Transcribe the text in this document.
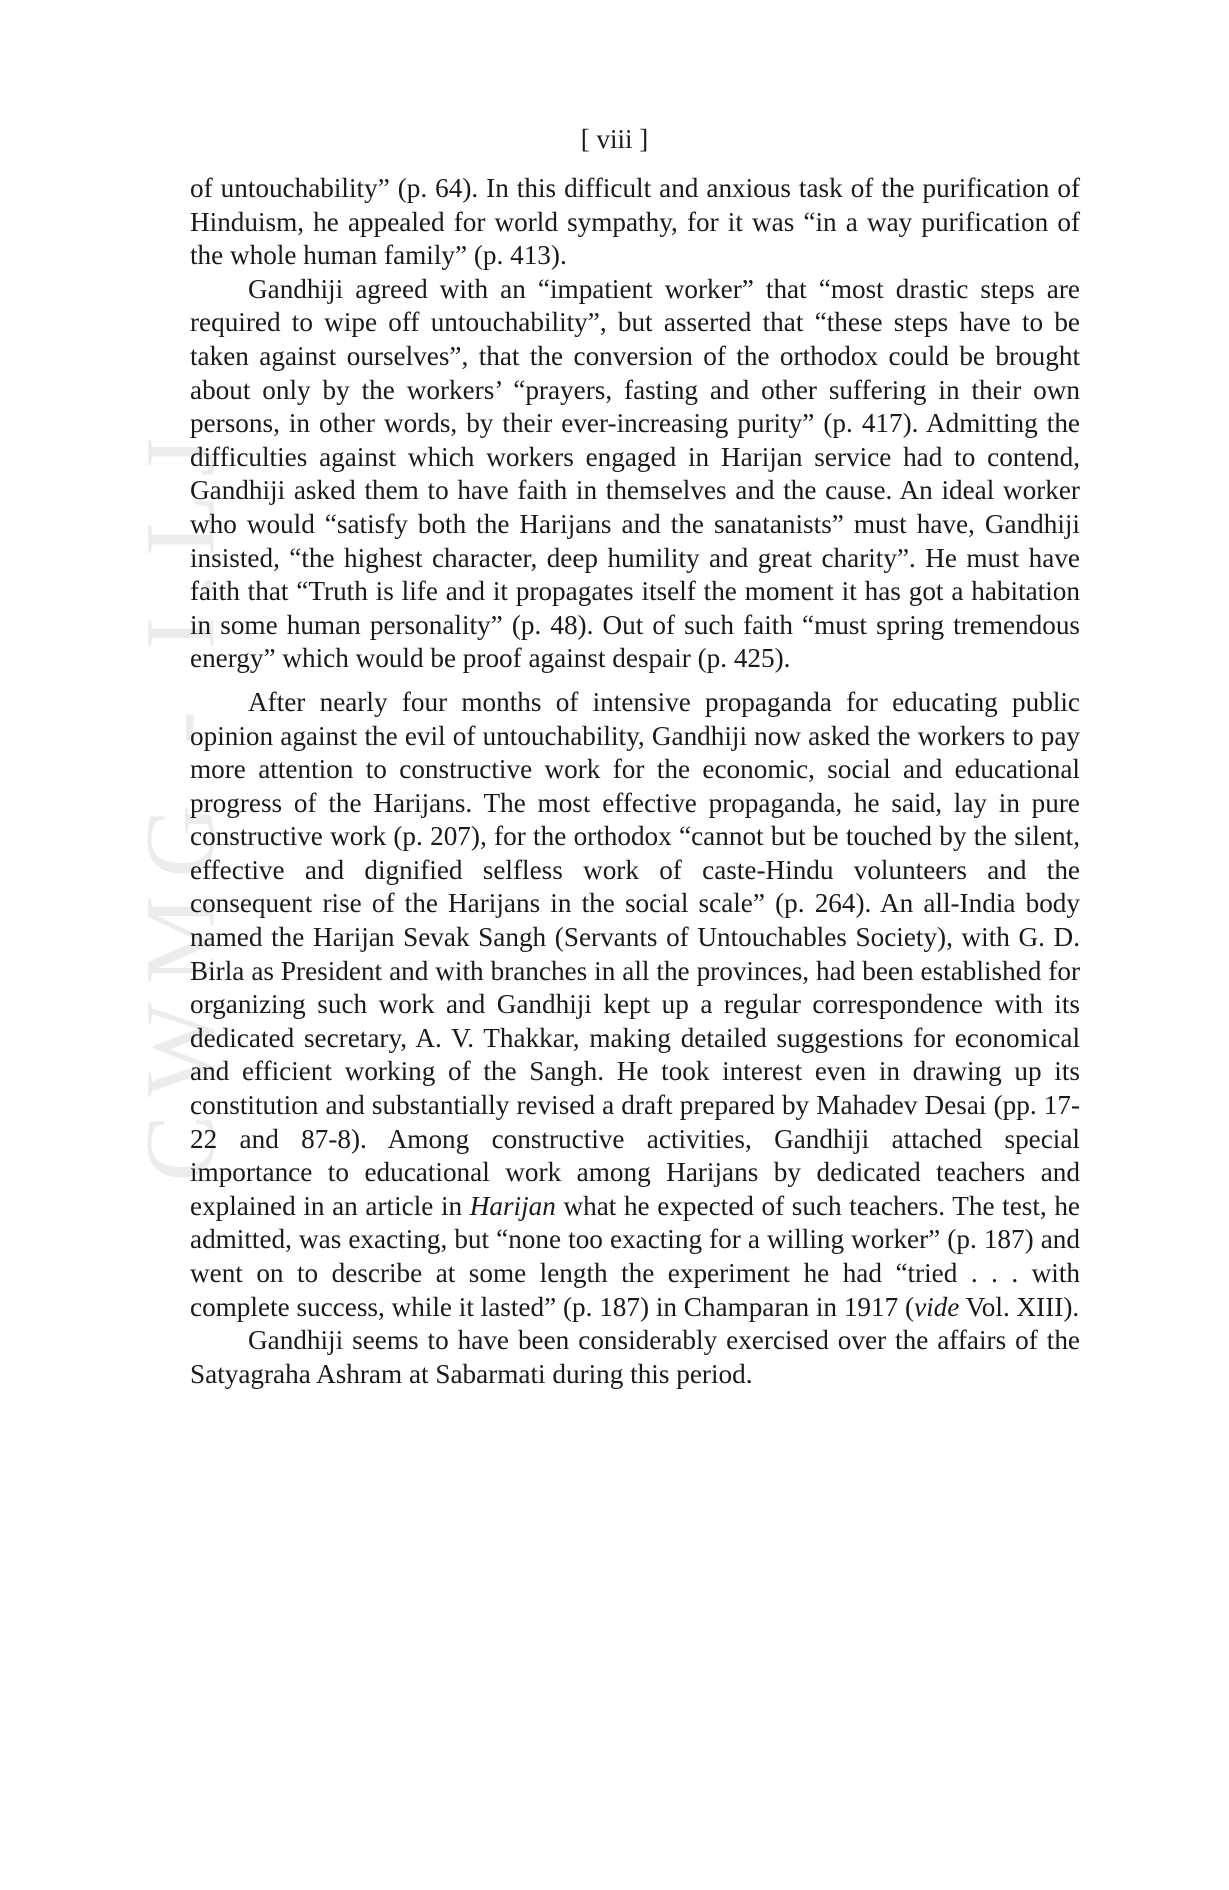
CWMG - I.LJ
[ viii ]

of untouchability” (p. 64). In this difficult and anxious task of the purification of Hinduism, he appealed for world sympathy, for it was “in a way purification of the whole human family” (p. 413).

Gandhiji agreed with an “impatient worker” that “most drastic steps are required to wipe off untouchability”, but asserted that “these steps have to be taken against ourselves”, that the conversion of the orthodox could be brought about only by the workers’ “prayers, fasting and other suffering in their own persons, in other words, by their ever-increasing purity” (p. 417). Admitting the difficulties against which workers engaged in Harijan service had to contend, Gandhiji asked them to have faith in themselves and the cause. An ideal worker who would “satisfy both the Harijans and the sanatanists” must have, Gandhiji insisted, “the highest character, deep humility and great charity”. He must have faith that “Truth is life and it propagates itself the moment it has got a habitation in some human personality” (p. 48). Out of such faith “must spring tremendous energy” which would be proof against despair (p. 425).

After nearly four months of intensive propaganda for educating public opinion against the evil of untouchability, Gandhiji now asked the workers to pay more attention to constructive work for the economic, social and educational progress of the Harijans. The most effective propaganda, he said, lay in pure constructive work (p. 207), for the orthodox “cannot but be touched by the silent, effective and dignified selfless work of caste-Hindu volunteers and the consequent rise of the Harijans in the social scale” (p. 264). An all-India body named the Harijan Sevak Sangh (Servants of Untouchables Society), with G. D. Birla as President and with branches in all the provinces, had been established for organizing such work and Gandhiji kept up a regular correspondence with its dedicated secretary, A. V. Thakkar, making detailed suggestions for economical and efficient working of the Sangh. He took interest even in drawing up its constitution and substantially revised a draft prepared by Mahadev Desai (pp. 17-22 and 87-8). Among constructive activities, Gandhiji attached special importance to educational work among Harijans by dedicated teachers and explained in an article in Harijan what he expected of such teachers. The test, he admitted, was exacting, but “none too exacting for a willing worker” (p. 187) and went on to describe at some length the experiment he had “tried . . . with complete success, while it lasted” (p. 187) in Champaran in 1917 (vide Vol. XIII).

Gandhiji seems to have been considerably exercised over the affairs of the Satyagraha Ashram at Sabarmati during this period.
